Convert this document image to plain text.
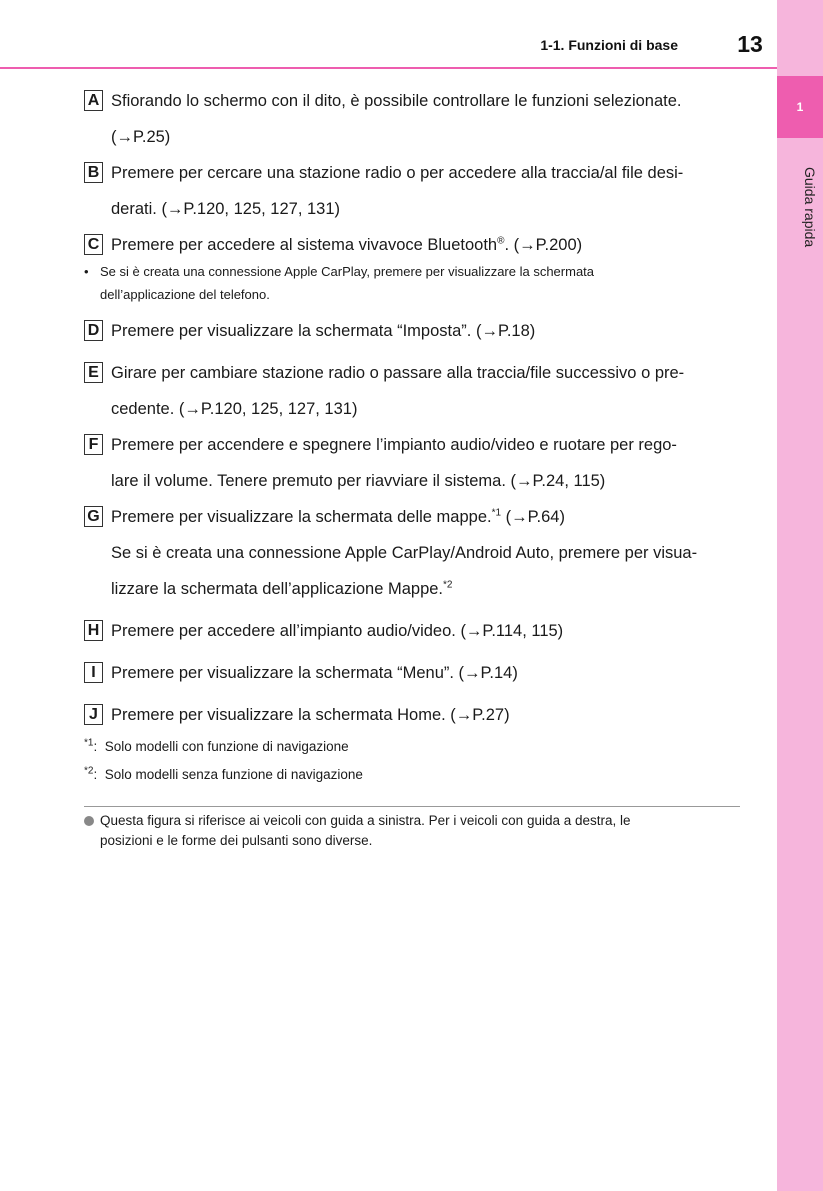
1
Guida rapida
1-1. Funzioni di base	13
A Sfiorando lo schermo con il dito, è possibile controllare le funzioni selezionate.
(→P.25)
B Premere per cercare una stazione radio o per accedere alla traccia/al file desi-
derati. (→P.120, 125, 127, 131)
C Premere per accedere al sistema vivavoce Bluetooth®. (→P.200)
• Se si è creata una connessione Apple CarPlay, premere per visualizzare la schermata
dell’applicazione del telefono.
D Premere per visualizzare la schermata “Imposta”. (→P.18)
E Girare per cambiare stazione radio o passare alla traccia/file successivo o pre-
cedente. (→P.120, 125, 127, 131)
F Premere per accendere e spegnere l’impianto audio/video e ruotare per rego-
lare il volume. Tenere premuto per riavviare il sistema. (→P.24, 115)
G Premere per visualizzare la schermata delle mappe.$^{*1}$ (→P.64)
Se si è creata una connessione Apple CarPlay/Android Auto, premere per visua-
lizzare la schermata dell’applicazione Mappe.$^{*2}$
H Premere per accedere all’impianto audio/video. (→P.114, 115)
I Premere per visualizzare la schermata “Menu”. (→P.14)
J Premere per visualizzare la schermata Home. (→P.27)
$^{*1}$: Solo modelli con funzione di navigazione
$^{*2}$: Solo modelli senza funzione di navigazione
Questa figura si riferisce ai veicoli con guida a sinistra. Per i veicoli con guida a destra, le
posizioni e le forme dei pulsanti sono diverse.
